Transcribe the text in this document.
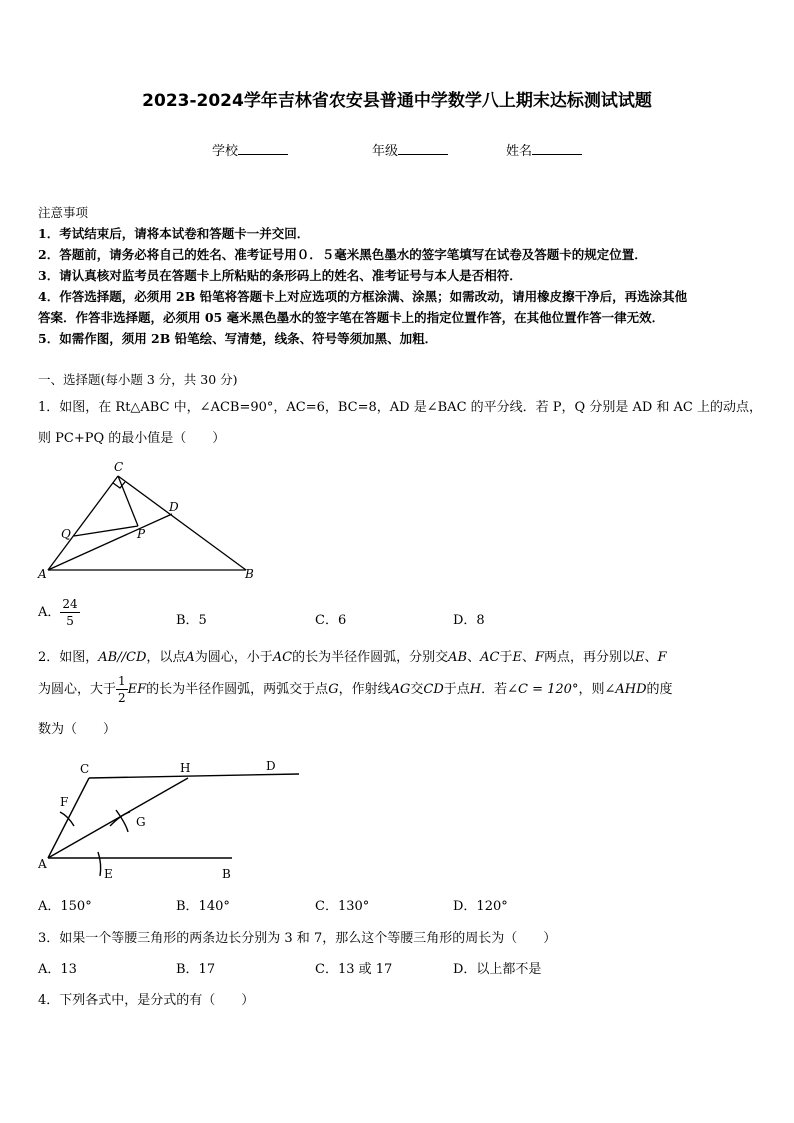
2023-2024学年吉林省农安县普通中学数学八上期末达标测试试题
学校	年级	姓名
注意事项
1．考试结束后，请将本试卷和答题卡一并交回．
2．答题前，请务必将自己的姓名、准考证号用０．５毫米黑色墨水的签字笔填写在试卷及答题卡的规定位置．
3．请认真核对监考员在答题卡上所粘贴的条形码上的姓名、准考证号与本人是否相符．
4．作答选择题，必须用 2B 铅笔将答题卡上对应选项的方框涂满、涂黑；如需改动，请用橡皮擦干净后，再选涂其他
答案．作答非选择题，必须用 05 毫米黑色墨水的签字笔在答题卡上的指定位置作答，在其他位置作答一律无效．
5．如需作图，须用 2B 铅笔绘、写清楚，线条、符号等须加黑、加粗．
一、选择题(每小题 3 分，共 30 分)
1．如图，在 Rt△ABC 中，∠ACB=90°，AC=6，BC=8，AD 是∠BAC 的平分线．若 P，Q 分别是 AD 和 AC 上的动点，
则 PC+PQ 的最小值是（　　）
C
D
Q	P
A	B
A． $\frac{24}{5}$	B．5	C．6	D．8
2．如图，AB//CD，以点A为圆心，小于AC的长为半径作圆弧，分别交AB、AC于E、F两点，再分别以E、F
为圆心，大于 $\frac{1}{2}$ EF的长为半径作圆弧，两弧交于点G，作射线AG交CD于点H．若∠C = 120°，则∠AHD的度
数为（　　）
C	H	D
F
G
A
E	B
A．150°	B．140°	C．130°	D．120°
3．如果一个等腰三角形的两条边长分别为 3 和 7，那么这个等腰三角形的周长为（　　）
A．13	B．17	C．13 或 17	D．以上都不是
4．下列各式中，是分式的有（　　）
